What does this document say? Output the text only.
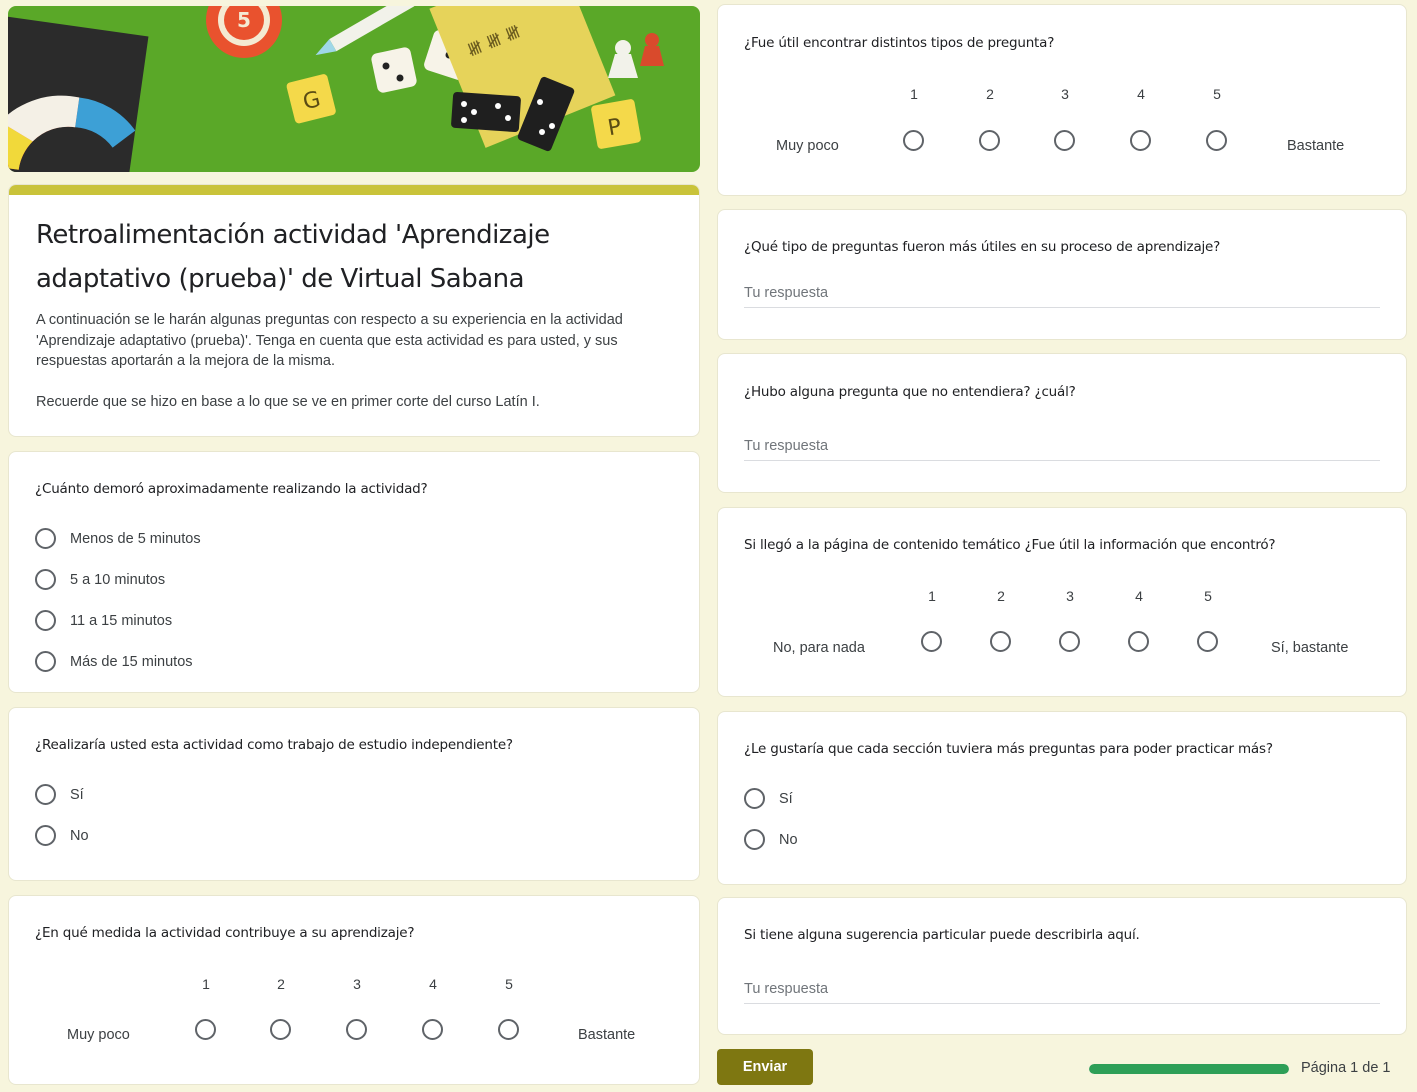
5
𝍸 𝍸 𝍸
G
P
Retroalimentación actividad 'Aprendizaje adaptativo (prueba)' de Virtual Sabana
A continuación se le harán algunas preguntas con respecto a su experiencia en la actividad 'Aprendizaje adaptativo (prueba)'. Tenga en cuenta que esta actividad es para usted, y sus respuestas aportarán a la mejora de la misma.

Recuerde que se hizo en base a lo que se ve en primer corte del curso Latín I.
¿Cuánto demoró aproximadamente realizando la actividad?
Menos de 5 minutos
5 a 10 minutos
11 a 15 minutos
Más de 15 minutos
¿Realizaría usted esta actividad como trabajo de estudio independiente?
Sí
No
¿En qué medida la actividad contribuye a su aprendizaje?
Muy poco
1	2	3	4	5
Bastante
¿Fue útil encontrar distintos tipos de pregunta?
Muy poco
1	2	3	4	5
Bastante
¿Qué tipo de preguntas fueron más útiles en su proceso de aprendizaje?
Tu respuesta
¿Hubo alguna pregunta que no entendiera? ¿cuál?
Tu respuesta
Si llegó a la página de contenido temático ¿Fue útil la información que encontró?
No, para nada
1	2	3	4	5
Sí, bastante
¿Le gustaría que cada sección tuviera más preguntas para poder practicar más?
Sí
No
Si tiene alguna sugerencia particular puede describirla aquí.
Tu respuesta
Enviar	Página 1 de 1
